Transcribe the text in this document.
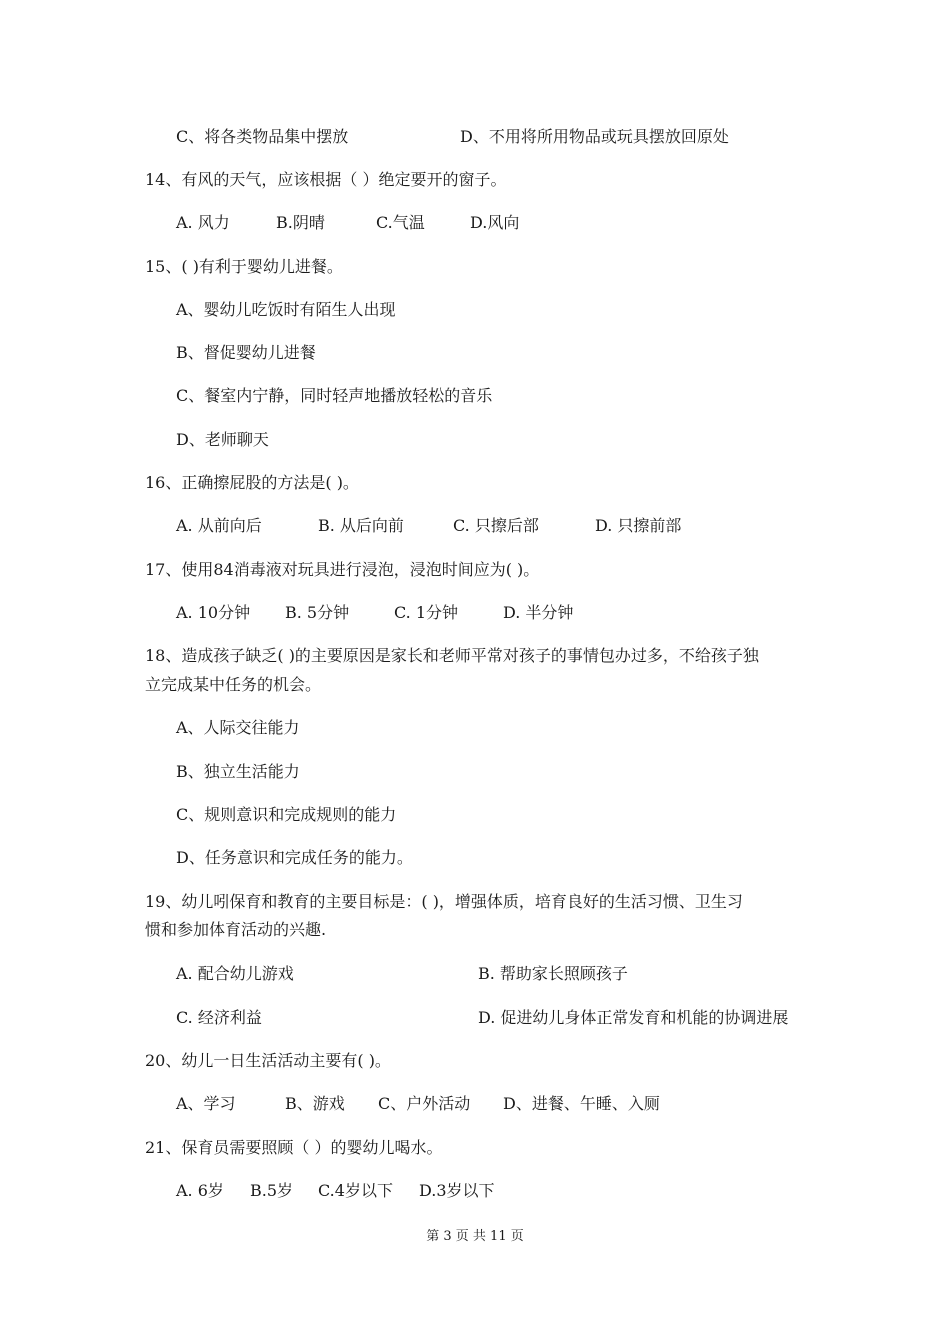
C、将各类物品集中摆放	D、不用将所用物品或玩具摆放回原处
14、有风的天气，应该根据（ ）绝定要开的窗子。
A. 风力	B.阴晴	C.气温	D.风向
15、( )有利于婴幼儿进餐。
A、婴幼儿吃饭时有陌生人出现
B、督促婴幼儿进餐
C、餐室内宁静，同时轻声地播放轻松的音乐
D、老师聊天
16、正确擦屁股的方法是( )。
A. 从前向后	B. 从后向前	C. 只擦后部	D. 只擦前部
17、使用84消毒液对玩具进行浸泡，浸泡时间应为( )。
A. 10分钟 B. 5分钟	C. 1分钟	D. 半分钟
18、造成孩子缺乏( )的主要原因是家长和老师平常对孩子的事情包办过多，不给孩子独
立完成某中任务的机会。
A、人际交往能力
B、独立生活能力
C、规则意识和完成规则的能力
D、任务意识和完成任务的能力。
19、幼儿吲保育和教育的主要目标是：( )，增强体质，培育良好的生活习惯、卫生习
惯和参加体育活动的兴趣.
A. 配合幼儿游戏	B. 帮助家长照顾孩子
C. 经济利益	D. 促进幼儿身体正常发育和机能的协调进展
20、幼儿一日生活活动主要有( )。
A、学习	B、游戏 C、户外活动 D、进餐、午睡、入厕
21、保育员需要照顾（ ）的婴幼儿喝水。
A. 6岁 B.5岁 C.4岁以下 D.3岁以下
第 3 页 共 11 页
